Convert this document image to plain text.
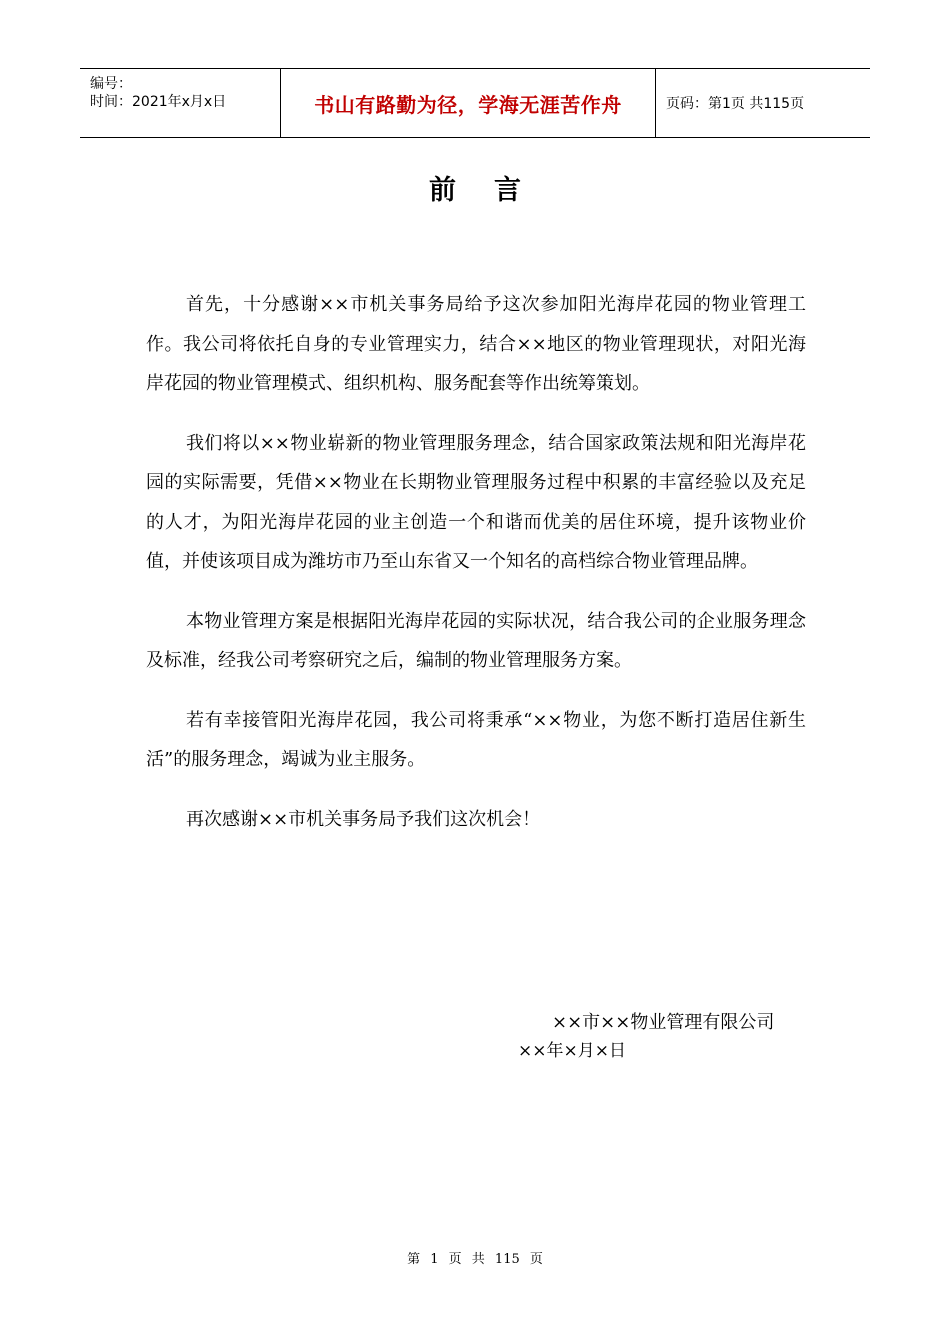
编号：
时间：2021年x月x日	书山有路勤为径，学海无涯苦作舟	页码：第1页 共115页
前言

首先，十分感谢××市机关事务局给予这次参加阳光海岸花园的物业管理工作。我公司将依托自身的专业管理实力，结合××地区的物业管理现状，对阳光海岸花园的物业管理模式、组织机构、服务配套等作出统筹策划。

我们将以××物业崭新的物业管理服务理念，结合国家政策法规和阳光海岸花园的实际需要，凭借××物业在长期物业管理服务过程中积累的丰富经验以及充足的人才，为阳光海岸花园的业主创造一个和谐而优美的居住环境，提升该物业价值，并使该项目成为潍坊市乃至山东省又一个知名的高档综合物业管理品牌。

本物业管理方案是根据阳光海岸花园的实际状况，结合我公司的企业服务理念及标准，经我公司考察研究之后，编制的物业管理服务方案。

若有幸接管阳光海岸花园，我公司将秉承“××物业，为您不断打造居住新生活”的服务理念，竭诚为业主服务。

再次感谢××市机关事务局予我们这次机会！

××市××物业管理有限公司
××年×月×日
第 1 页 共 115 页
